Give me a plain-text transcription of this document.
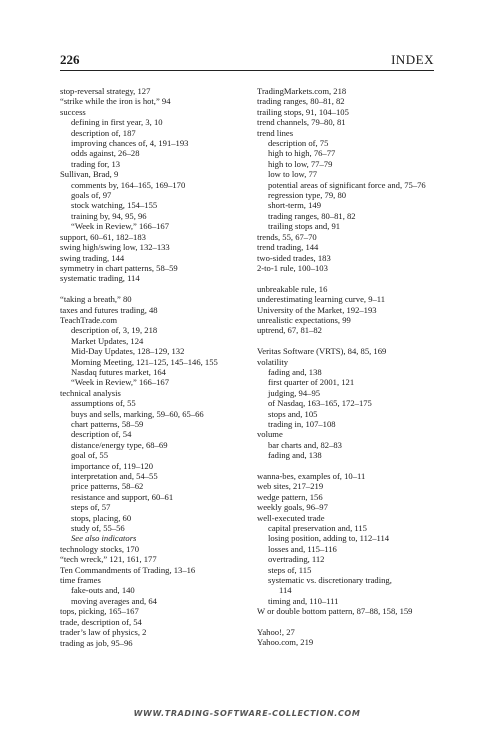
226	INDEX
stop-reversal strategy, 127
“strike while the iron is hot,” 94
success
defining in first year, 3, 10
description of, 187
improving chances of, 4, 191–193
odds against, 26–28
trading for, 13
Sullivan, Brad, 9
comments by, 164–165, 169–170
goals of, 97
stock watching, 154–155
training by, 94, 95, 96
“Week in Review,” 166–167
support, 60–61, 182–183
swing high/swing low, 132–133
swing trading, 144
symmetry in chart patterns, 58–59
systematic trading, 114
“taking a breath,” 80
taxes and futures trading, 48
TeachTrade.com
description of, 3, 19, 218
Market Updates, 124
Mid-Day Updates, 128–129, 132
Morning Meeting, 121–125, 145–146, 155
Nasdaq futures market, 164
“Week in Review,” 166–167
technical analysis
assumptions of, 55
buys and sells, marking, 59–60, 65–66
chart patterns, 58–59
description of, 54
distance/energy type, 68–69
goal of, 55
importance of, 119–120
interpretation and, 54–55
price patterns, 58–62
resistance and support, 60–61
steps of, 57
stops, placing, 60
study of, 55–56
See also indicators
technology stocks, 170
“tech wreck,” 121, 161, 177
Ten Commandments of Trading, 13–16
time frames
fake-outs and, 140
moving averages and, 64
tops, picking, 165–167
trade, description of, 54
trader’s law of physics, 2
trading as job, 95–96
TradingMarkets.com, 218
trading ranges, 80–81, 82
trailing stops, 91, 104–105
trend channels, 79–80, 81
trend lines
description of, 75
high to high, 76–77
high to low, 77–79
low to low, 77
potential areas of significant force and, 75–76
regression type, 79, 80
short-term, 149
trading ranges, 80–81, 82
trailing stops and, 91
trends, 55, 67–70
trend trading, 144
two-sided trades, 183
2-to-1 rule, 100–103
unbreakable rule, 16
underestimating learning curve, 9–11
University of the Market, 192–193
unrealistic expectations, 99
uptrend, 67, 81–82
Veritas Software (VRTS), 84, 85, 169
volatility
fading and, 138
first quarter of 2001, 121
judging, 94–95
of Nasdaq, 163–165, 172–175
stops and, 105
trading in, 107–108
volume
bar charts and, 82–83
fading and, 138
wanna-bes, examples of, 10–11
web sites, 217–219
wedge pattern, 156
weekly goals, 96–97
well-executed trade
capital preservation and, 115
losing position, adding to, 112–114
losses and, 115–116
overtrading, 112
steps of, 115
systematic vs. discretionary trading,
114
timing and, 110–111
W or double bottom pattern, 87–88, 158, 159
Yahoo!, 27
Yahoo.com, 219
WWW.TRADING-SOFTWARE-COLLECTION.COM
